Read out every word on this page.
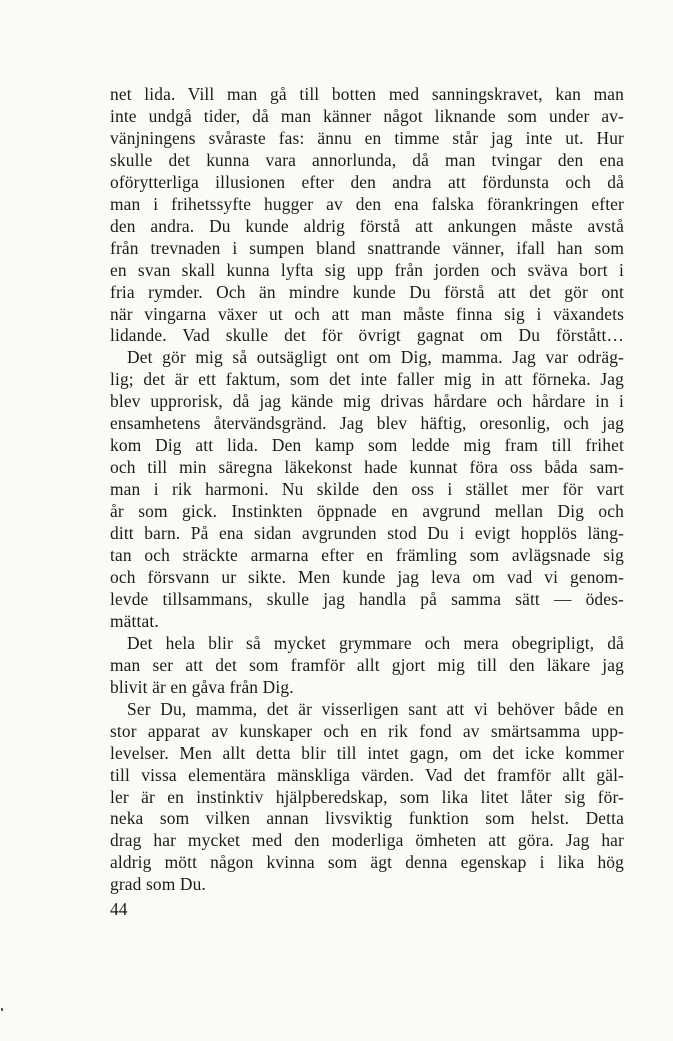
net lida. Vill man gå till botten med sanningskravet, kan man
inte undgå tider, då man känner något liknande som under av-
vänjningens svåraste fas: ännu en timme står jag inte ut. Hur
skulle det kunna vara annorlunda, då man tvingar den ena
oförytterliga illusionen efter den andra att fördunsta och då
man i frihetssyfte hugger av den ena falska förankringen efter
den andra. Du kunde aldrig förstå att ankungen måste avstå
från trevnaden i sumpen bland snattrande vänner, ifall han som
en svan skall kunna lyfta sig upp från jorden och sväva bort i
fria rymder. Och än mindre kunde Du förstå att det gör ont
när vingarna växer ut och att man måste finna sig i växandets
lidande. Vad skulle det för övrigt gagnat om Du förstått…
Det gör mig så outsägligt ont om Dig, mamma. Jag var odräg-
lig; det är ett faktum, som det inte faller mig in att förneka. Jag
blev upprorisk, då jag kände mig drivas hårdare och hårdare in i
ensamhetens återvändsgränd. Jag blev häftig, oresonlig, och jag
kom Dig att lida. Den kamp som ledde mig fram till frihet
och till min säregna läkekonst hade kunnat föra oss båda sam-
man i rik harmoni. Nu skilde den oss i stället mer för vart
år som gick. Instinkten öppnade en avgrund mellan Dig och
ditt barn. På ena sidan avgrunden stod Du i evigt hopplös läng-
tan och sträckte armarna efter en främling som avlägsnade sig
och försvann ur sikte. Men kunde jag leva om vad vi genom-
levde tillsammans, skulle jag handla på samma sätt — ödes-
mättat.
Det hela blir så mycket grymmare och mera obegripligt, då
man ser att det som framför allt gjort mig till den läkare jag
blivit är en gåva från Dig.
Ser Du, mamma, det är visserligen sant att vi behöver både en
stor apparat av kunskaper och en rik fond av smärtsamma upp-
levelser. Men allt detta blir till intet gagn, om det icke kommer
till vissa elementära mänskliga värden. Vad det framför allt gäl-
ler är en instinktiv hjälpberedskap, som lika litet låter sig för-
neka som vilken annan livsviktig funktion som helst. Detta
drag har mycket med den moderliga ömheten att göra. Jag har
aldrig mött någon kvinna som ägt denna egenskap i lika hög
grad som Du.
44
